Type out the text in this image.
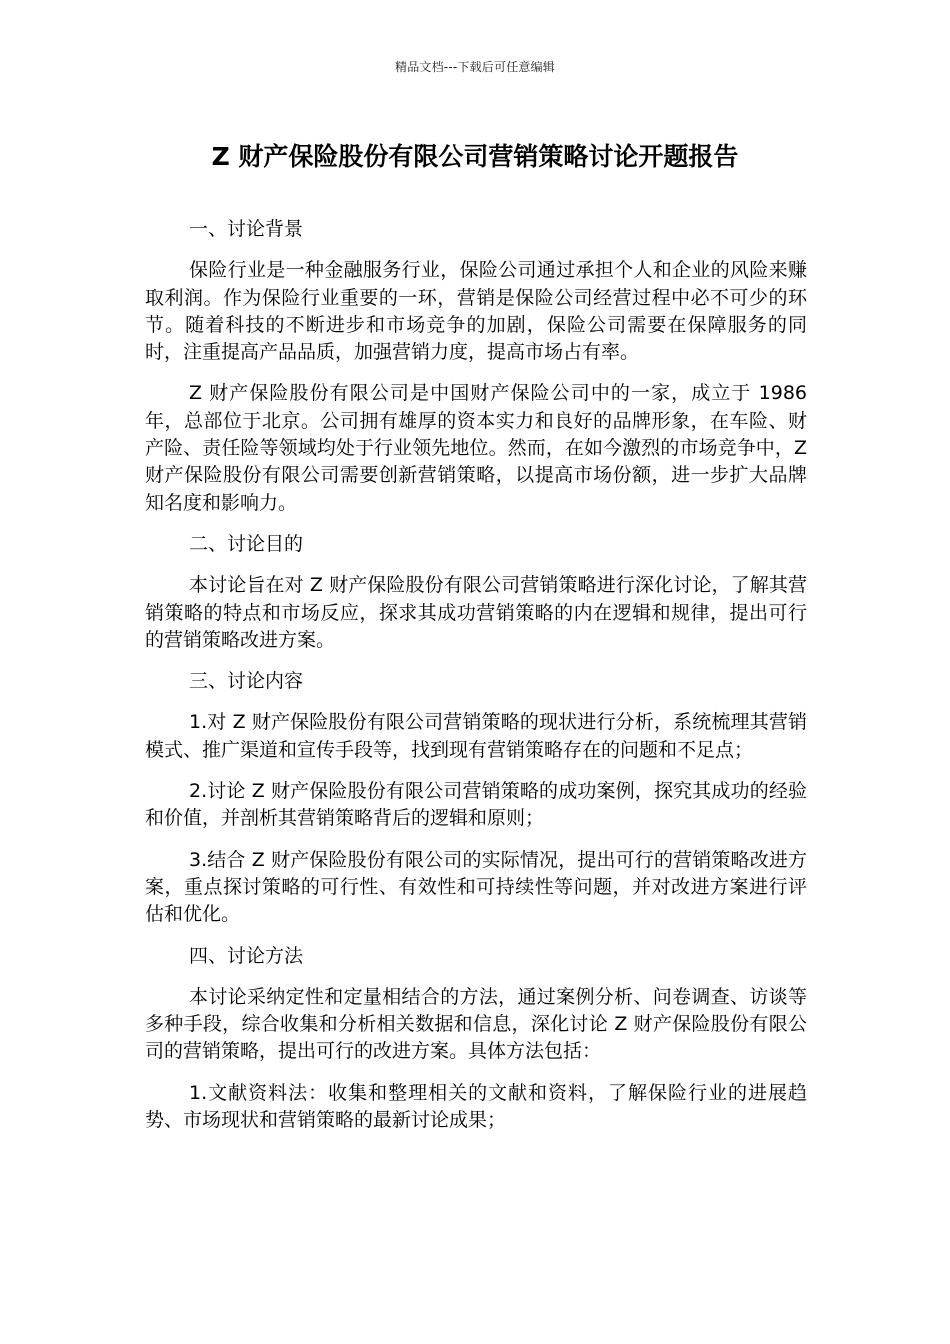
精品文档---下载后可任意编辑
Z 财产保险股份有限公司营销策略讨论开题报告

一、讨论背景

保险行业是一种金融服务行业，保险公司通过承担个人和企业的风险来赚取利润。作为保险行业重要的一环，营销是保险公司经营过程中必不可少的环节。随着科技的不断进步和市场竞争的加剧，保险公司需要在保障服务的同时，注重提高产品品质，加强营销力度，提高市场占有率。

Z 财产保险股份有限公司是中国财产保险公司中的一家，成立于 1986 年，总部位于北京。公司拥有雄厚的资本实力和良好的品牌形象，在车险、财产险、责任险等领域均处于行业领先地位。然而，在如今激烈的市场竞争中，Z 财产保险股份有限公司需要创新营销策略，以提高市场份额，进一步扩大品牌知名度和影响力。

二、讨论目的

本讨论旨在对 Z 财产保险股份有限公司营销策略进行深化讨论，了解其营销策略的特点和市场反应，探求其成功营销策略的内在逻辑和规律，提出可行的营销策略改进方案。

三、讨论内容

1.对 Z 财产保险股份有限公司营销策略的现状进行分析，系统梳理其营销模式、推广渠道和宣传手段等，找到现有营销策略存在的问题和不足点；

2.讨论 Z 财产保险股份有限公司营销策略的成功案例，探究其成功的经验和价值，并剖析其营销策略背后的逻辑和原则；

3.结合 Z 财产保险股份有限公司的实际情况，提出可行的营销策略改进方案，重点探讨策略的可行性、有效性和可持续性等问题，并对改进方案进行评估和优化。

四、讨论方法

本讨论采纳定性和定量相结合的方法，通过案例分析、问卷调查、访谈等多种手段，综合收集和分析相关数据和信息，深化讨论 Z 财产保险股份有限公司的营销策略，提出可行的改进方案。具体方法包括：

1.文献资料法：收集和整理相关的文献和资料，了解保险行业的进展趋势、市场现状和营销策略的最新讨论成果；
